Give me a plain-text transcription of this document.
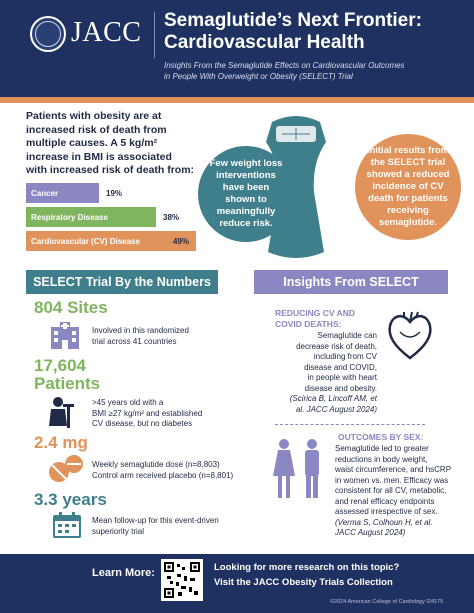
JACC Semaglutide’s Next Frontier:
Cardiovascular Health
Insights From the Semaglutide Effects on Cardiovascular Outcomes
in People With Overweight or Obesity (SELECT) Trial
Patients with obesity are at
increased risk of death from
multiple causes. A 5 kg/m²
increase in BMI is associated
with increased risk of death from:
Cancer	19%
Respiratory Disease	38%
Cardiovascular (CV) Disease	49%
Few weight loss interventions have been shown to meaningfully reduce risk.
Initial results from the SELECT trial showed a reduced incidence of CV death for patients receiving semaglutide.
SELECT Trial By the Numbers	Insights From SELECT
804 Sites
Involved in this randomized
trial across 41 countries
17,604
Patients
>45 years old with a
BMI ≥27 kg/m² and established
CV disease, but no diabetes
2.4 mg
Weekly semaglutide dose (n=8,803)
Control arm received placebo (n=8,801)
3.3 years
Mean follow-up for this event-driven
superiority trial
REDUCING CV AND
COVID DEATHS:
Semaglutide can
decrease risk of death,
including from CV
disease and COVID,
in people with heart
disease and obesity.
(Scirica B, Lincoff AM, et
al. JACC August 2024)
OUTCOMES BY SEX:
Semaglutide led to greater
reductions in body weight,
waist circumference, and hsCRP
in women vs. men. Efficacy was
consistent for all CV, metabolic,
and renal efficacy endpoints
assessed irrespective of sex.
(Verma S, Colhoun H, et al.
JACC August 2024)
Learn More:	Looking for more research on this topic?
Visit the JACC Obesity Trials Collection
©2024 American College of Cardiology I24175
